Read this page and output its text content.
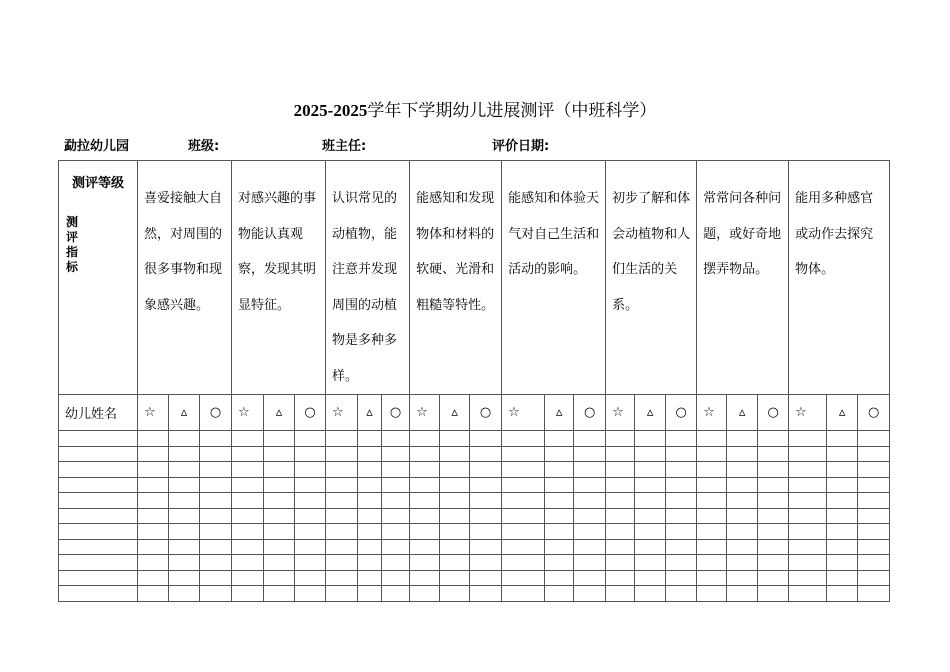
2025-2025学年下学期幼儿进展测评（中班科学）
勐拉幼儿园	班级:	班主任:	评价日期:
测评等级
测评指标	喜爱接触大自然，对周围的很多事物和现象感兴趣。			对感兴趣的事物能认真观察，发现其明显特征。			认识常见的动植物，能注意并发现周围的动植物是多种多样。			能感知和发现物体和材料的软硬、光滑和粗糙等特性。			能感知和体验天气对自己生活和活动的影响。			初步了解和体会动植物和人们生活的关系。			常常问各种问题，或好奇地摆弄物品。			能用多种感官或动作去探究物体。		
幼儿姓名	☆	▵	○	☆	▵	○	☆	▵	○	☆	▵	○	☆	▵	○	☆	▵	○	☆	▵	○	☆	▵	○
